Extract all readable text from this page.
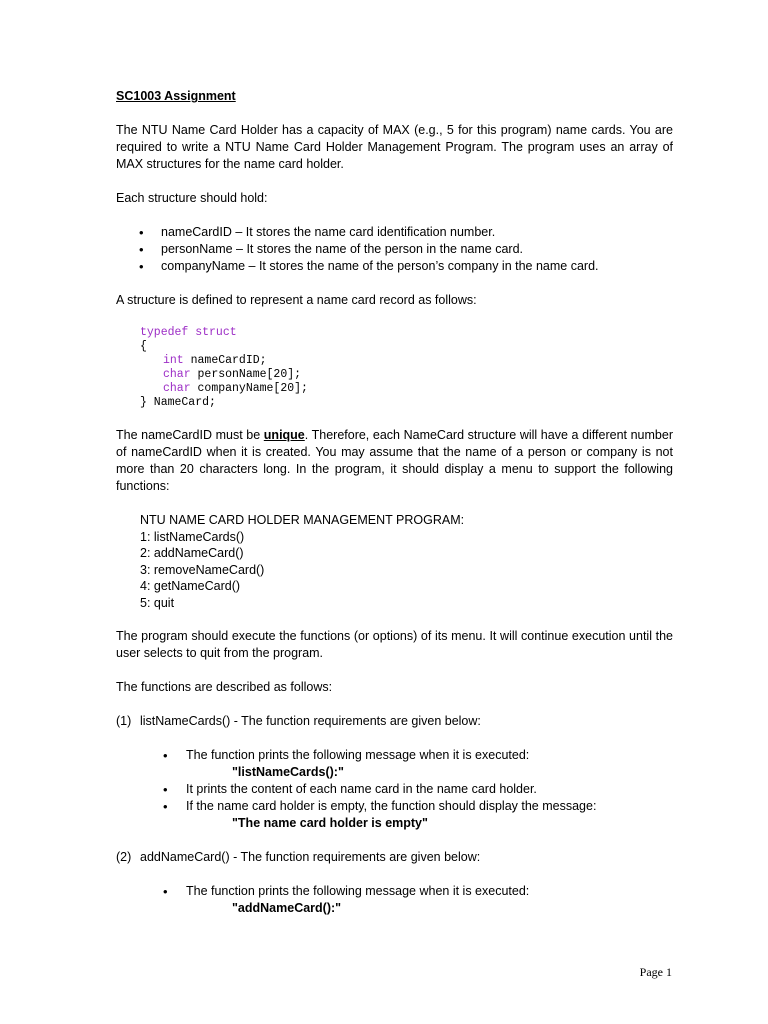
SC1003 Assignment

The NTU Name Card Holder has a capacity of MAX (e.g., 5 for this program) name cards. You are required to write a NTU Name Card Holder Management Program. The program uses an array of MAX structures for the name card holder.

Each structure should hold:

• nameCardID – It stores the name card identification number.
• personName – It stores the name of the person in the name card.
• companyName – It stores the name of the person’s company in the name card.

A structure is defined to represent a name card record as follows:

typedef struct
{
int nameCardID;
char personName[20];
char companyName[20];
} NameCard;

The nameCardID must be unique. Therefore, each NameCard structure will have a different number of nameCardID when it is created. You may assume that the name of a person or company is not more than 20 characters long. In the program, it should display a menu to support the following functions:

NTU NAME CARD HOLDER MANAGEMENT PROGRAM:

1: listNameCards()

2: addNameCard()

3: removeNameCard()

4: getNameCard()

5: quit

The program should execute the functions (or options) of its menu. It will continue execution until the user selects to quit from the program.

The functions are described as follows:

(1) listNameCards() - The function requirements are given below:

• The function prints the following message when it is executed:
"listNameCards():"
• It prints the content of each name card in the name card holder.
• If the name card holder is empty, the function should display the message:
"The name card holder is empty"

(2) addNameCard() - The function requirements are given below:

• The function prints the following message when it is executed:
"addNameCard():"
Page 1
